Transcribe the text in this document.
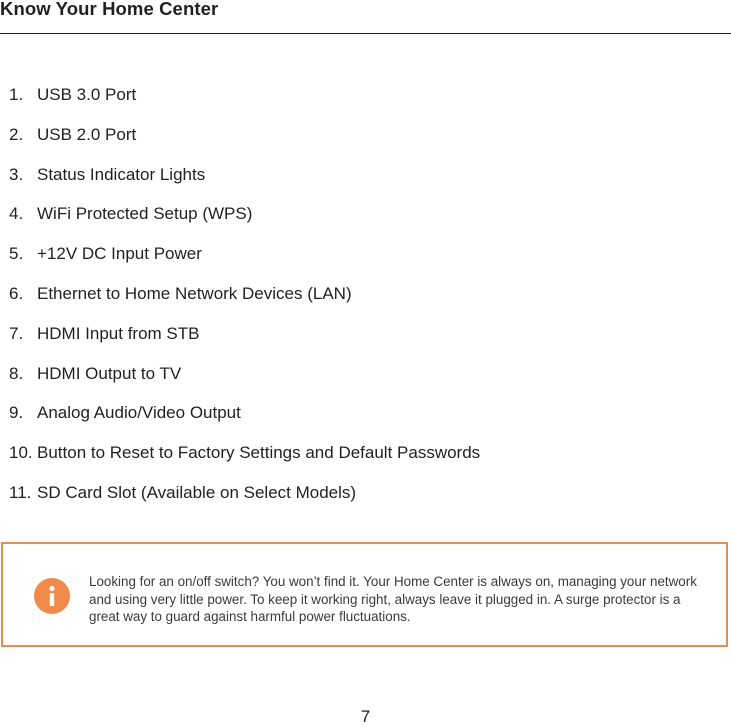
Know Your Home Center
1. USB 3.0 Port
2. USB 2.0 Port
3. Status Indicator Lights
4. WiFi Protected Setup (WPS)
5. +12V DC Input Power
6. Ethernet to Home Network Devices (LAN)
7. HDMI Input from STB
8. HDMI Output to TV
9. Analog Audio/Video Output
10. Button to Reset to Factory Settings and Default Passwords
11. SD Card Slot (Available on Select Models)

Looking for an on/off switch? You won’t find it. Your Home Center is always on, managing your network and using very little power. To keep it working right, always leave it plugged in. A surge protector is a great way to guard against harmful power fluctuations.

7
